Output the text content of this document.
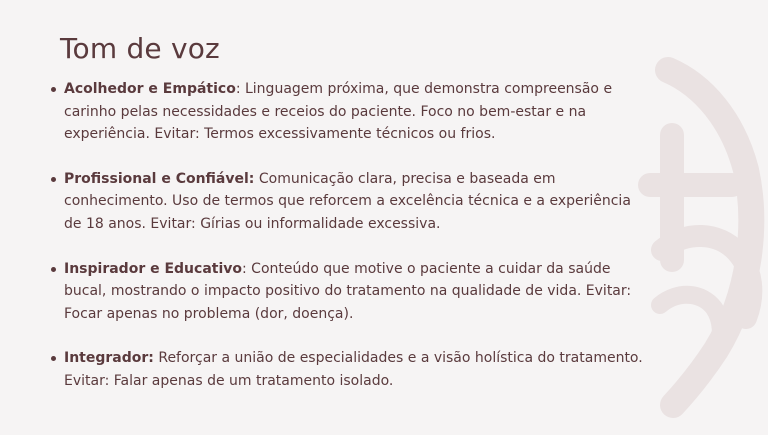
Tom de voz
Acolhedor e Empático: Linguagem próxima, que demonstra compreensão e carinho pelas necessidades e receios do paciente. Foco no bem-estar e na experiência. Evitar: Termos excessivamente técnicos ou frios.
Profissional e Confiável: Comunicação clara, precisa e baseada em conhecimento. Uso de termos que reforcem a excelência técnica e a experiência de 18 anos. Evitar: Gírias ou informalidade excessiva.
Inspirador e Educativo: Conteúdo que motive o paciente a cuidar da saúde bucal, mostrando o impacto positivo do tratamento na qualidade de vida. Evitar: Focar apenas no problema (dor, doença).
Integrador: Reforçar a união de especialidades e a visão holística do tratamento. Evitar: Falar apenas de um tratamento isolado.
